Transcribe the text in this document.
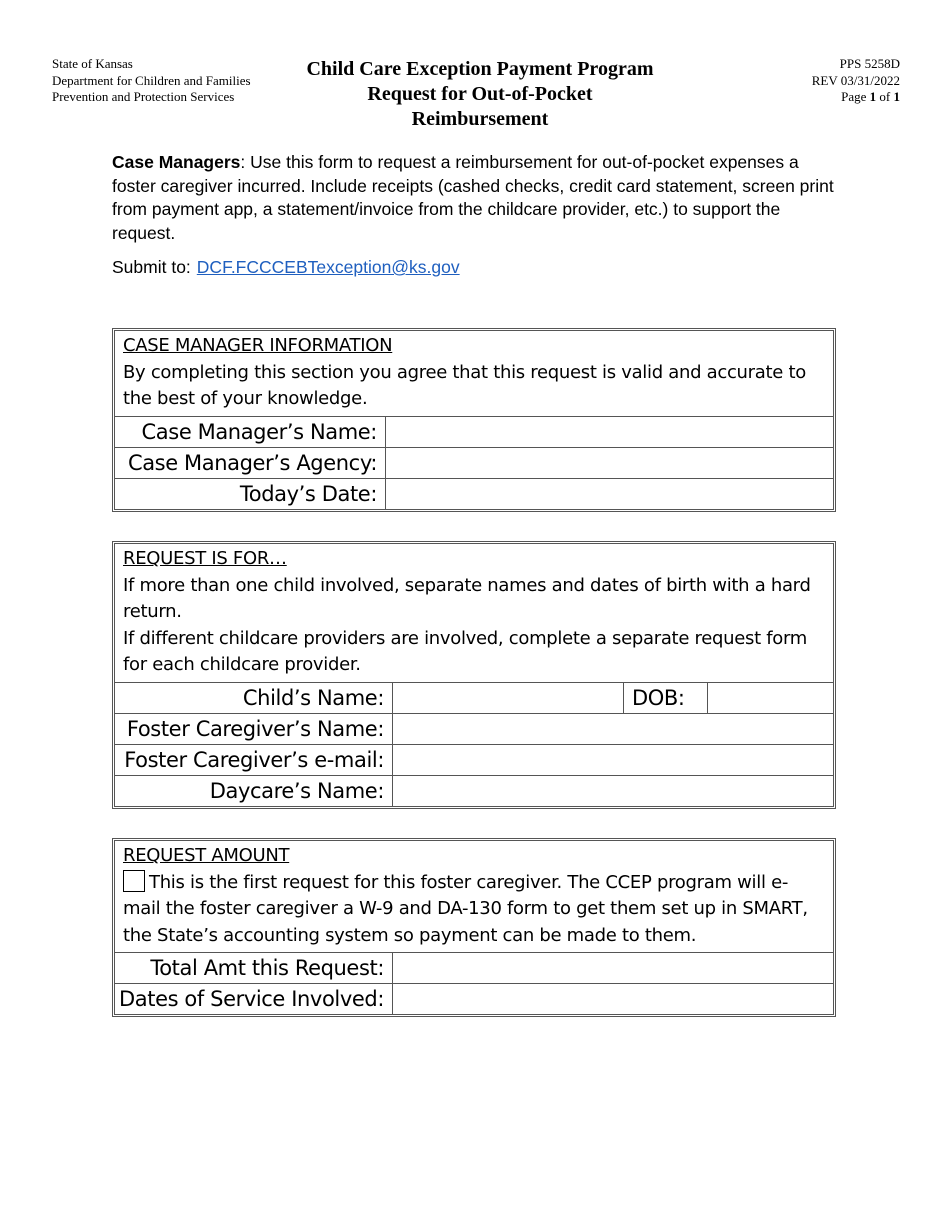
State of Kansas
Department for Children and Families
Prevention and Protection Services
Child Care Exception Payment Program
Request for Out-of-Pocket
Reimbursement
PPS 5258D
REV 03/31/2022
Page 1 of 1
Case Managers: Use this form to request a reimbursement for out-of-pocket expenses a foster caregiver incurred. Include receipts (cashed checks, credit card statement, screen print from payment app, a statement/invoice from the childcare provider, etc.) to support the request.
Submit to: DCF.FCCCEBTexception@ks.gov
CASE MANAGER INFORMATION
By completing this section you agree that this request is valid and accurate to the best of your knowledge.
Case Manager’s Name:
Case Manager’s Agency:
Today’s Date:
REQUEST IS FOR…
If more than one child involved, separate names and dates of birth with a hard return.
If different childcare providers are involved, complete a separate request form for each childcare provider.
Child’s Name:	DOB:
Foster Caregiver’s Name:
Foster Caregiver’s e-mail:
Daycare’s Name:
REQUEST AMOUNT
This is the first request for this foster caregiver. The CCEP program will e-mail the foster caregiver a W-9 and DA-130 form to get them set up in SMART, the State’s accounting system so payment can be made to them.
Total Amt this Request:
Dates of Service Involved:
